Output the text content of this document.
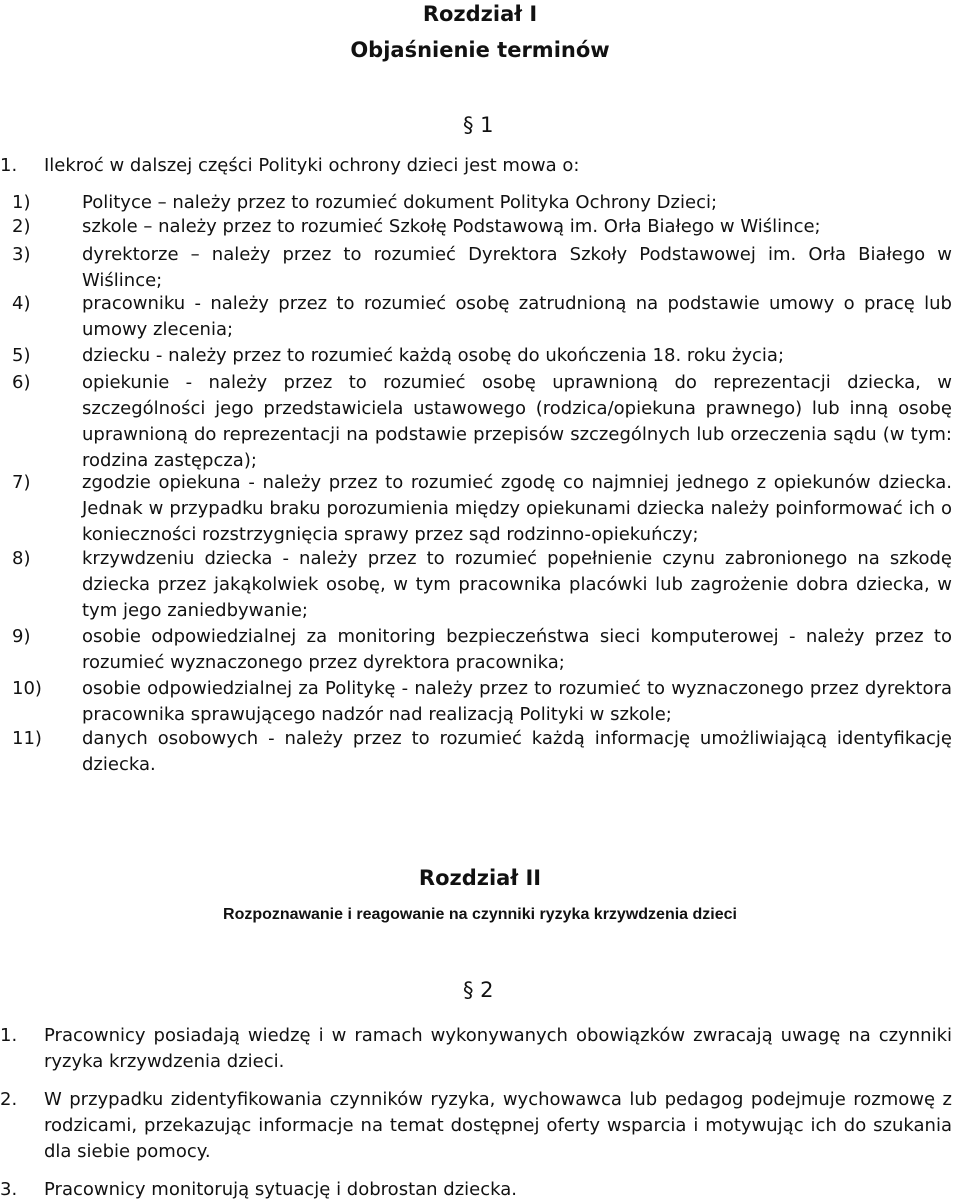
Rozdział I
Objaśnienie terminów
§ 1
1. Ilekroć w dalszej części Polityki ochrony dzieci jest mowa o:
1)	Polityce – należy przez to rozumieć dokument Polityka Ochrony Dzieci;
2)	szkole – należy przez to rozumieć Szkołę Podstawową im. Orła Białego w Wiślince;
3)	dyrektorze – należy przez to rozumieć Dyrektora Szkoły Podstawowej im. Orła Białego w Wiślince;
4)	pracowniku - należy przez to rozumieć osobę zatrudnioną na podstawie umowy o pracę lub umowy zlecenia;
5)	dziecku - należy przez to rozumieć każdą osobę do ukończenia 18. roku życia;
6)	opiekunie - należy przez to rozumieć osobę uprawnioną do reprezentacji dziecka, w szczególności jego przedstawiciela ustawowego (rodzica/opiekuna prawnego) lub inną osobę uprawnioną do reprezentacji na podstawie przepisów szczególnych lub orzeczenia sądu (w tym: rodzina zastępcza);
7)	zgodzie opiekuna - należy przez to rozumieć zgodę co najmniej jednego z opiekunów dziecka. Jednak w przypadku braku porozumienia między opiekunami dziecka należy poinformować ich o konieczności rozstrzygnięcia sprawy przez sąd rodzinno-opiekuńczy;
8)	krzywdzeniu dziecka - należy przez to rozumieć popełnienie czynu zabronionego na szkodę dziecka przez jakąkolwiek osobę, w tym pracownika placówki lub zagrożenie dobra dziecka, w tym jego zaniedbywanie;
9)	osobie odpowiedzialnej za monitoring bezpieczeństwa sieci komputerowej - należy przez to rozumieć wyznaczonego przez dyrektora pracownika;
10) osobie odpowiedzialnej za Politykę - należy przez to rozumieć to wyznaczonego przez dyrektora pracownika sprawującego nadzór nad realizacją Polityki w szkole;
11) danych osobowych - należy przez to rozumieć każdą informację umożliwiającą identyfikację dziecka.
Rozdział II
Rozpoznawanie i reagowanie na czynniki ryzyka krzywdzenia dzieci
§ 2
1. Pracownicy posiadają wiedzę i w ramach wykonywanych obowiązków zwracają uwagę na czynniki ryzyka krzywdzenia dzieci.
2. W przypadku zidentyfikowania czynników ryzyka, wychowawca lub pedagog podejmuje rozmowę z rodzicami, przekazując informacje na temat dostępnej oferty wsparcia i motywując ich do szukania dla siebie pomocy.
3. Pracownicy monitorują sytuację i dobrostan dziecka.
